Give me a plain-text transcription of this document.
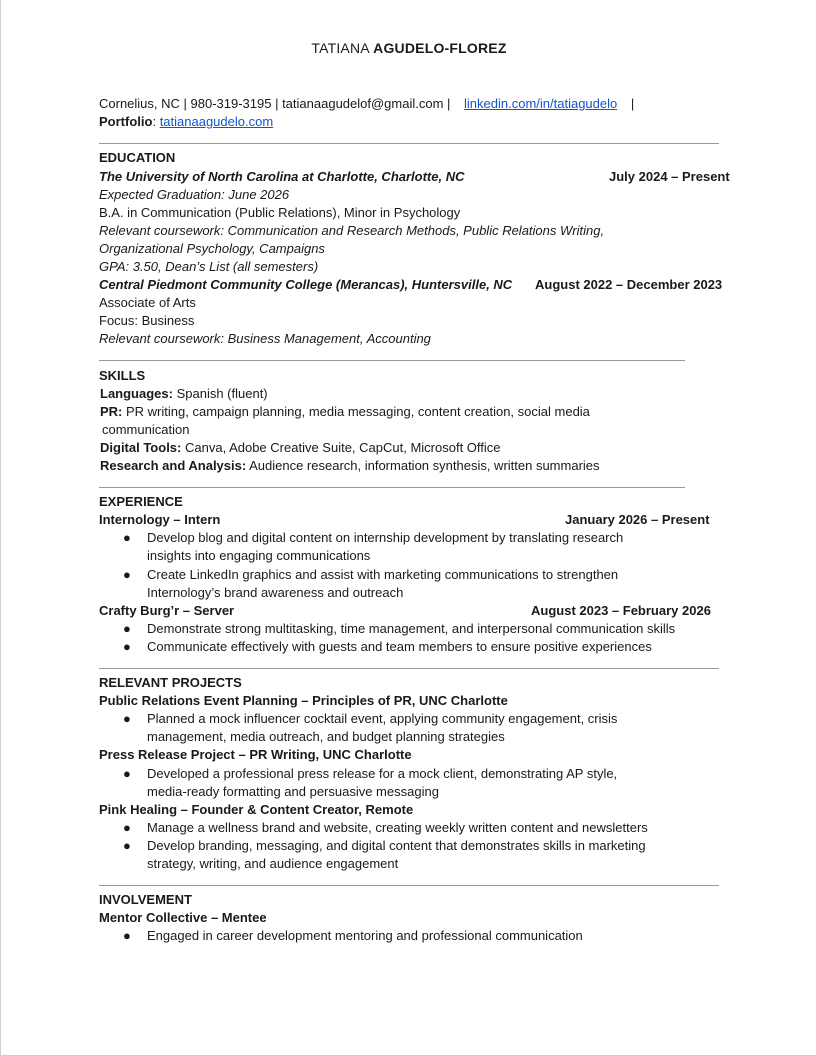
TATIANA AGUDELO-FLOREZ
Cornelius, NC | 980-319-3195 | tatianaagudelof@gmail.com | linkedin.com/in/tatiagudelo |
Portfolio: tatianaagudelo.com
EDUCATION
The University of North Carolina at Charlotte, Charlotte, NC	July 2024 – Present
Expected Graduation: June 2026
B.A. in Communication (Public Relations), Minor in Psychology
Relevant coursework: Communication and Research Methods, Public Relations Writing,
Organizational Psychology, Campaigns
GPA: 3.50, Dean’s List (all semesters)
Central Piedmont Community College (Merancas), Huntersville, NC August 2022 – December 2023
Associate of Arts
Focus: Business
Relevant coursework: Business Management, Accounting
SKILLS
Languages: Spanish (fluent)
PR: PR writing, campaign planning, media messaging, content creation, social media
communication
Digital Tools: Canva, Adobe Creative Suite, CapCut, Microsoft Office
Research and Analysis: Audience research, information synthesis, written summaries
EXPERIENCE
Internology – Intern	January 2026 – Present
● Develop blog and digital content on internship development by translating research
insights into engaging communications
● Create LinkedIn graphics and assist with marketing communications to strengthen
Internology’s brand awareness and outreach
Crafty Burg’r – Server	August 2023 – February 2026
● Demonstrate strong multitasking, time management, and interpersonal communication skills
● Communicate effectively with guests and team members to ensure positive experiences
RELEVANT PROJECTS
Public Relations Event Planning – Principles of PR, UNC Charlotte
● Planned a mock influencer cocktail event, applying community engagement, crisis
management, media outreach, and budget planning strategies
Press Release Project – PR Writing, UNC Charlotte
● Developed a professional press release for a mock client, demonstrating AP style,
media-ready formatting and persuasive messaging
Pink Healing – Founder & Content Creator, Remote
● Manage a wellness brand and website, creating weekly written content and newsletters
● Develop branding, messaging, and digital content that demonstrates skills in marketing
strategy, writing, and audience engagement
INVOLVEMENT
Mentor Collective – Mentee
● Engaged in career development mentoring and professional communication
